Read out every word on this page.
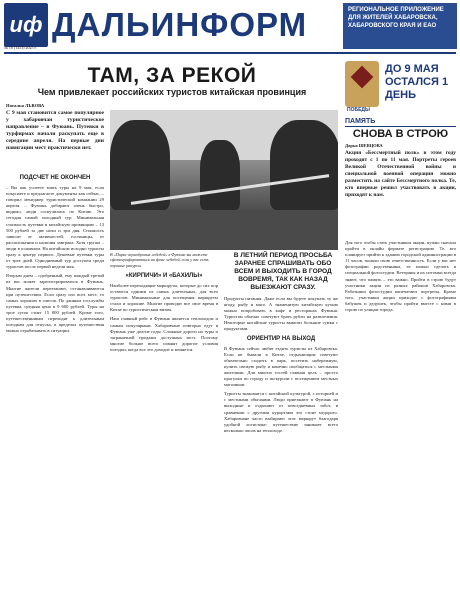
иф ДАЛЬИНФОРМ	РЕГИОНАЛЬНОЕ ПРИЛОЖЕНИЕ ДЛЯ ЖИТЕЛЕЙ ХАБАРОВСКА, ХАБАРОВСКОГО КРАЯ И ЕАО
№ 18 (1453) 2025 г.
ДО 9 МАЯ ОСТАЛСЯ 1 ДЕНЬ
ПОБЕДЫ
ТАМ, ЗА РЕКОЙ
Чем привлекает российских туристов китайская провинция
Наталья ЛЬВОВА
С 9 мая становится самое популярное у хабаровчан туристическое направление – в Фуюань. Путевки в турфирмах начали раскупать еще в середине апреля. На первые дни навигации мест практически нет.
ПОДСЧЕТ НЕ ОКОНЧЕН
– Вы как успеете взять туры на 9 мая, если покупаете и предлагаете документы как сейчас, – говорил менеджер туристической компании 29 апреля. – Фуюань добирают очень быстро, видимо, люди соскучились по Китаю. Это сегодня самый холодный тур. Минимальная стоимость путевки в китайскую провинцию – 13 500 рублей за две ночи и три дня. Стоимость зависит от активностей, гостиницы, от расположения и наличия завтрака. Хотя группа – люди в основном. На китайском исходно туристы сразу к центру первого. Дешевые путевки туры от трех дней. Однодневный тур доступен среди туристов после первой недели мая.
Вторым днем – одобренный, ему каждый третий из вас может зарегистрироваться в Фуюань. Многие жители переезжают, останавливаются при путешествии. Если сразу изо всех мест, то самых хороших в список. По данным госслужбы путевка, средняя цена в 9 600 рублей. Туры на трое суток стоят 15 000 рублей. Кроме того, путешественникам переходят к длительным поездкам для отпуска, в пределах путешествия можно отрабатывать в ситуации.
В «Парке чернобровых лебедей» в Фуюане вы можете сфотографироваться на фоне лебедей, если у вас есть хорошие ракурсы.
В ЛЕТНИЙ ПЕРИОД ПРОСЬБА ЗАРАНЕЕ СПРАШИВАТЬ ОБО ВСЕМ И ВЫХОДИТЬ В ГОРОД ВОВРЕМЯ, ТАК КАК НАЗАД ВЫЕЗЖАЮТ СРАЗУ.
«КИРПИЧИ» И «БАХИЛЫ»
Наиболее переходящие маршруты, которые до сих пор остаются одними из самых длительных, для всех туристов. Минимальные для посещения маршруты стали и хорошие. Многие проводят все свое время в Китае по туристическим визам.
Наш главный рейс в Фуюань является теплоходом и самым популярным. Хабаровчане повторно едут в Фуюань уже долгие годы. Сложные дороги на туры и заграничной продажи доступных мест. Поэтому многие больше всего помнят дорогие условия поездки, когда все это доходит и меняется.
Продукты питания. Даже если вы будете покупать ту же ягоду, рыбу и мясо. А знаменитую китайскую кухню можно попробовать в кафе и ресторанах Фуюаня. Туристам обычно советуют брать рубли на развлечения. Некоторые китайские туристы вывозят большие сумки с продуктами.
ОРИЕНТИР НА ВЫХОД
В Фуюань сейчас любят ездить туристы из Хабаровска. Если не бывали в Китае, отдыхающим советуют обязательно сходить в парк, посетить набережную, купить свежую рыбу и конечно пообщаться с местными жителями. Для многих гостей главная цель – просто прогулки по городу и экскурсии с посещением местных магазинов.
Туристы знакомятся с китайской культурой, с историей и с местными обычаями. Люди приезжают в Фуюань на выходные и отдыхают от повседневных забот, в сравнении с другими курортами это стоит недорого. Хабаровчане часто выбирают этот маршрут благодаря удобной логистике: путешествие занимает всего несколько часов на теплоходе.
ПАМЯТЬ
СНОВА В СТРОЮ
Дарья ШЕВЦОВА
Акция «Бессмертный полк» в этом году проходит с 1 по 11 мая. Портреты героев Великой Отечественной войны и специальной военной операции можно разместить на сайте Бессмертного полка. Те, кто впервые решил участвовать в акции, приходят к нам.
Для того чтобы стать участником акции, нужно сначала пройти в онлайн формате регистрацию. Те, кто планирует прийти к зданию городской администрации в 11 часов, поняли свою ответственность. Если у вас нет фотографии родственника, ее можно сделать в специальной фотостудии. Ветераны и их потомки всегда знают, что память – это важно. Пройти в строю будут участники акции из разных районов Хабаровска. Работники фотостудии напечатают портреты. Кроме того, участники акции приходят с фотографиями бабушек и дедушек, чтобы пройти вместе с ними в строю по улицам города.
